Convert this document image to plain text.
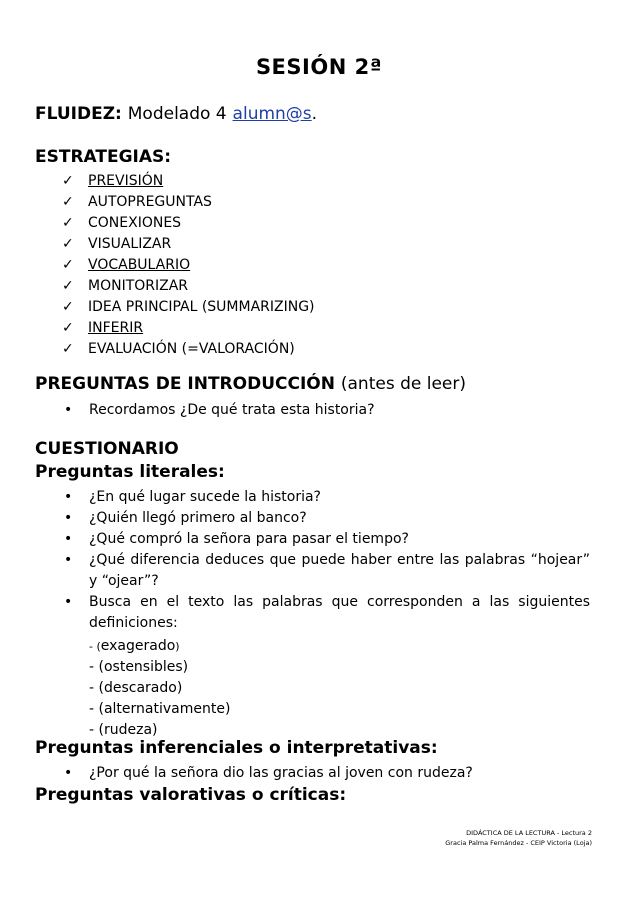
SESIÓN 2ª

FLUIDEZ: Modelado 4 alumn@s.

ESTRATEGIAS:

✓ PREVISIÓN
✓ AUTOPREGUNTAS
✓ CONEXIONES
✓ VISUALIZAR
✓ VOCABULARIO
✓ MONITORIZAR
✓ IDEA PRINCIPAL (SUMMARIZING)
✓ INFERIR
✓ EVALUACIÓN (=VALORACIÓN)

PREGUNTAS DE INTRODUCCIÓN (antes de leer)

• Recordamos ¿De qué trata esta historia?

CUESTIONARIO

Preguntas literales:

• ¿En qué lugar sucede la historia?
• ¿Quién llegó primero al banco?
• ¿Qué compró la señora para pasar el tiempo?
• ¿Qué diferencia deduces que puede haber entre las palabras “hojear”
y “ojear”?
• Busca en el texto las palabras que corresponden a las siguientes
definiciones:
- (exagerado)
- (ostensibles)
- (descarado)
- (alternativamente)
- (rudeza)

Preguntas inferenciales o interpretativas:

• ¿Por qué la señora dio las gracias al joven con rudeza?

Preguntas valorativas o críticas:

DIDÁCTICA DE LA LECTURA - Lectura 2
Gracia Palma Fernández - CEIP Victoria (Loja)
